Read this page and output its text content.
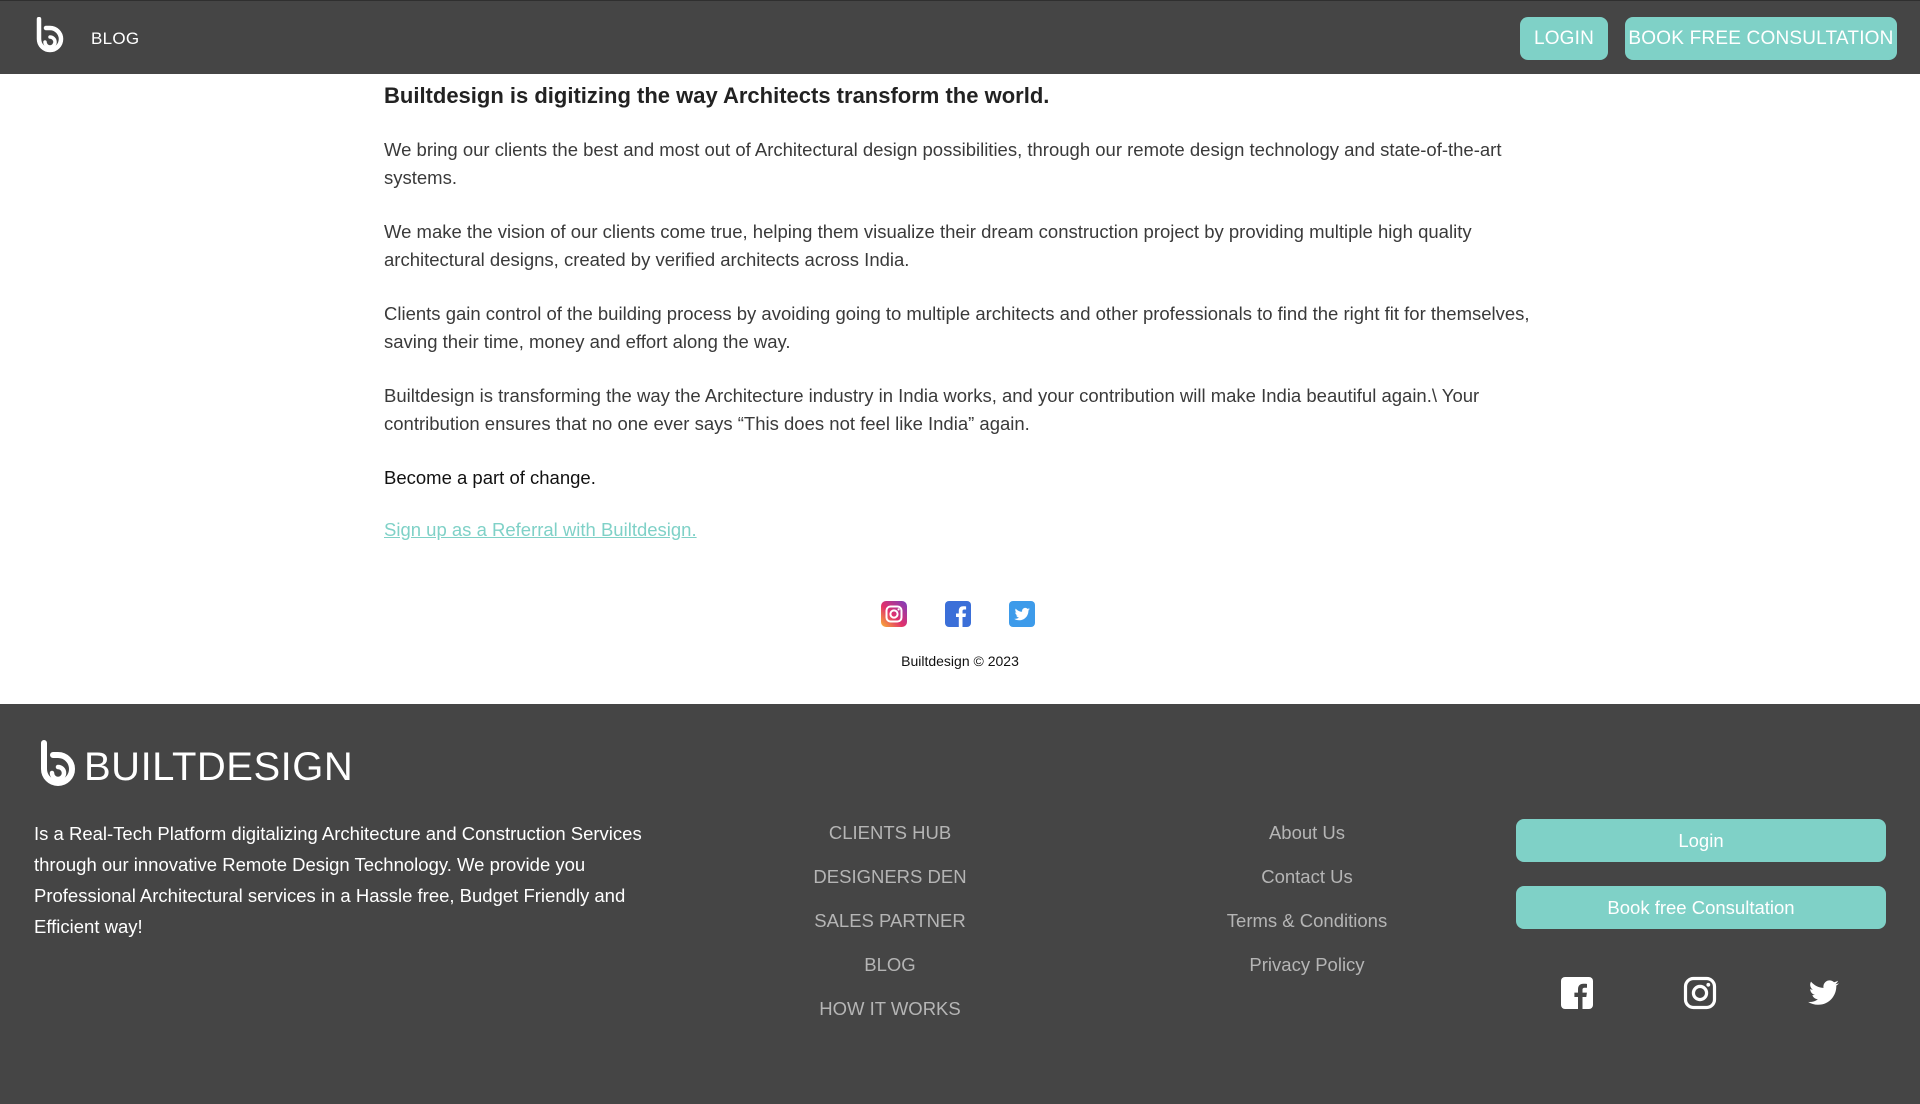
BLOG	LOGIN	BOOK FREE CONSULTATION
Builtdesign is digitizing the way Architects transform the world.

We bring our clients the best and most out of Architectural design possibilities, through our remote design technology and state-of-the-art systems.

We make the vision of our clients come true, helping them visualize their dream construction project by providing multiple high quality architectural designs, created by verified architects across India.

Clients gain control of the building process by avoiding going to multiple architects and other professionals to find the right fit for themselves, saving their time, money and effort along the way.

Builtdesign is transforming the way the Architecture industry in India works, and your contribution will make India beautiful again.\ Your contribution ensures that no one ever says “This does not feel like India” again.

Become a part of change.

Sign up as a Referral with Builtdesign.
Builtdesign © 2023
BUILTDESIGN
Is a Real-Tech Platform digitalizing Architecture and Construction Services through our innovative Remote Design Technology. We provide you Professional Architectural services in a Hassle free, Budget Friendly and Efficient way!
CLIENTS HUB
DESIGNERS DEN
SALES PARTNER
BLOG
HOW IT WORKS
About Us
Contact Us
Terms & Conditions
Privacy Policy
Login
Book free Consultation
